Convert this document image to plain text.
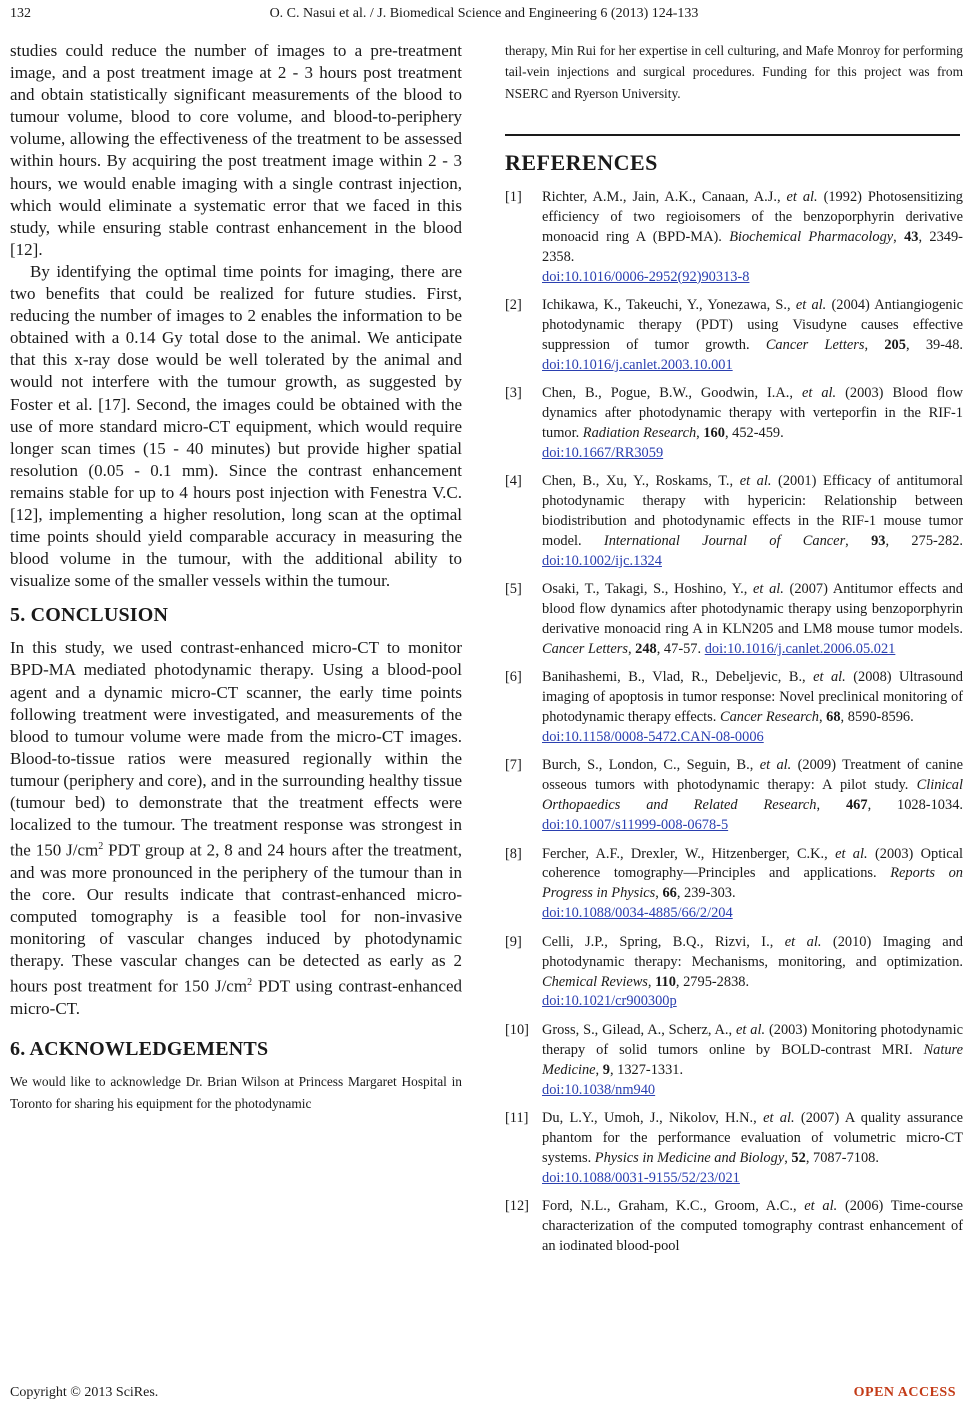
132	O. C. Nasui et al. / J. Biomedical Science and Engineering 6 (2013) 124-133

studies could reduce the number of images to a pre-treatment image, and a post treatment image at 2 - 3 hours post treatment and obtain statistically significant measurements of the blood to tumour volume, blood to core volume, and blood-to-periphery volume, allowing the effectiveness of the treatment to be assessed within hours. By acquiring the post treatment image within 2 - 3 hours, we would enable imaging with a single contrast injection, which would eliminate a systematic error that we faced in this study, while ensuring stable contrast enhancement in the blood [12].

By identifying the optimal time points for imaging, there are two benefits that could be realized for future studies. First, reducing the number of images to 2 enables the information to be obtained with a 0.14 Gy total dose to the animal. We anticipate that this x-ray dose would be well tolerated by the animal and would not interfere with the tumour growth, as suggested by Foster et al. [17]. Second, the images could be obtained with the use of more standard micro-CT equipment, which would require longer scan times (15 - 40 minutes) but provide higher spatial resolution (0.05 - 0.1 mm). Since the contrast enhancement remains stable for up to 4 hours post injection with Fenestra V.C. [12], implementing a higher resolution, long scan at the optimal time points should yield comparable accuracy in measuring the blood volume in the tumour, with the additional ability to visualize some of the smaller vessels within the tumour.

5. CONCLUSION

In this study, we used contrast-enhanced micro-CT to monitor BPD-MA mediated photodynamic therapy. Using a blood-pool agent and a dynamic micro-CT scanner, the early time points following treatment were investigated, and measurements of the blood to tumour volume were made from the micro-CT images. Blood-to-tissue ratios were measured regionally within the tumour (periphery and core), and in the surrounding healthy tissue (tumour bed) to demonstrate that the treatment effects were localized to the tumour. The treatment response was strongest in the 150 $J/cm^2$ PDT group at 2, 8 and 24 hours after the treatment, and was more pronounced in the periphery of the tumour than in the core. Our results indicate that contrast-enhanced micro-computed tomography is a feasible tool for non-invasive monitoring of vascular changes induced by photodynamic therapy. These vascular changes can be detected as early as 2 hours post treatment for 150 $J/cm^2$ PDT using contrast-enhanced micro-CT.

6. ACKNOWLEDGEMENTS

We would like to acknowledge Dr. Brian Wilson at Princess Margaret Hospital in Toronto for sharing his equipment for the photodynamic

therapy, Min Rui for her expertise in cell culturing, and Mafe Monroy for performing tail-vein injections and surgical procedures. Funding for this project was from NSERC and Ryerson University.

REFERENCES
[1] Richter, A.M., Jain, A.K., Canaan, A.J., et al. (1992) Photosensitizing efficiency of two regioisomers of the benzoporphyrin derivative monoacid ring A (BPD-MA). Biochemical Pharmacology, 43, 2349-2358.
doi:10.1016/0006-2952(92)90313-8
[2] Ichikawa, K., Takeuchi, Y., Yonezawa, S., et al. (2004) Antiangiogenic photodynamic therapy (PDT) using Visudyne causes effective suppression of tumor growth. Cancer Letters, 205, 39-48. doi:10.1016/j.canlet.2003.10.001
[3] Chen, B., Pogue, B.W., Goodwin, I.A., et al. (2003) Blood flow dynamics after photodynamic therapy with verteporfin in the RIF-1 tumor. Radiation Research, 160, 452-459.
doi:10.1667/RR3059
[4] Chen, B., Xu, Y., Roskams, T., et al. (2001) Efficacy of antitumoral photodynamic therapy with hypericin: Relationship between biodistribution and photodynamic effects in the RIF-1 mouse tumor model. International Journal of Cancer, 93, 275-282. doi:10.1002/ijc.1324
[5] Osaki, T., Takagi, S., Hoshino, Y., et al. (2007) Antitumor effects and blood flow dynamics after photodynamic therapy using benzoporphyrin derivative monoacid ring A in KLN205 and LM8 mouse tumor models. Cancer Letters, 248, 47-57. doi:10.1016/j.canlet.2006.05.021
[6] Banihashemi, B., Vlad, R., Debeljevic, B., et al. (2008) Ultrasound imaging of apoptosis in tumor response: Novel preclinical monitoring of photodynamic therapy effects. Cancer Research, 68, 8590-8596.
doi:10.1158/0008-5472.CAN-08-0006
[7] Burch, S., London, C., Seguin, B., et al. (2009) Treatment of canine osseous tumors with photodynamic therapy: A pilot study. Clinical Orthopaedics and Related Research, 467, 1028-1034. doi:10.1007/s11999-008-0678-5
[8] Fercher, A.F., Drexler, W., Hitzenberger, C.K., et al. (2003) Optical coherence tomography—Principles and applications. Reports on Progress in Physics, 66, 239-303.
doi:10.1088/0034-4885/66/2/204
[9] Celli, J.P., Spring, B.Q., Rizvi, I., et al. (2010) Imaging and photodynamic therapy: Mechanisms, monitoring, and optimization. Chemical Reviews, 110, 2795-2838.
doi:10.1021/cr900300p
[10] Gross, S., Gilead, A., Scherz, A., et al. (2003) Monitoring photodynamic therapy of solid tumors online by BOLD-contrast MRI. Nature Medicine, 9, 1327-1331.
doi:10.1038/nm940
[11] Du, L.Y., Umoh, J., Nikolov, H.N., et al. (2007) A quality assurance phantom for the performance evaluation of volumetric micro-CT systems. Physics in Medicine and Biology, 52, 7087-7108.
doi:10.1088/0031-9155/52/23/021
[12] Ford, N.L., Graham, K.C., Groom, A.C., et al. (2006) Time-course characterization of the computed tomography contrast enhancement of an iodinated blood-pool
Copyright © 2013 SciRes.	OPEN ACCESS
